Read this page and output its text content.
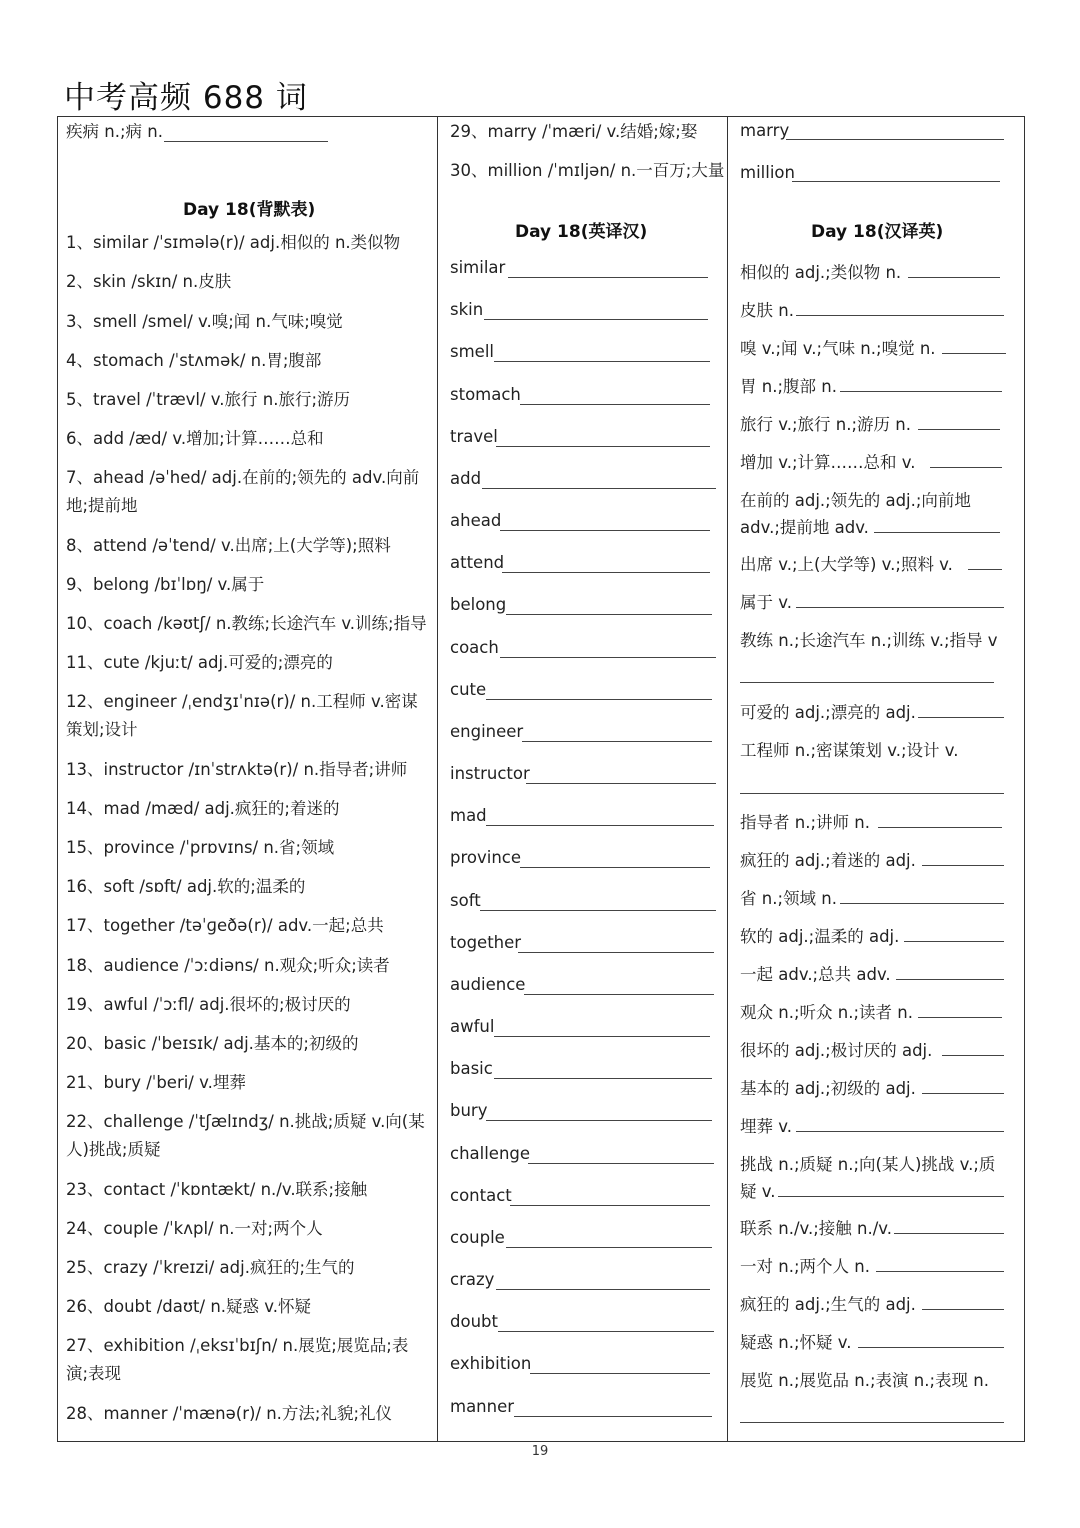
中考高频 688 词
疾病 n.;病 n.
Day 18(背默表)
1、similar /ˈsɪmələ(r)/ adj.相似的 n.类似物
2、skin /skɪn/ n.皮肤
3、smell /smel/ v.嗅;闻 n.气味;嗅觉
4、stomach /ˈstʌmək/ n.胃;腹部
5、travel /ˈtrævl/ v.旅行 n.旅行;游历
6、add /æd/ v.增加;计算……总和
7、ahead /əˈhed/ adj.在前的;领先的 adv.向前地;提前地
8、attend /əˈtend/ v.出席;上(大学等);照料
9、belong /bɪˈlɒŋ/ v.属于
10、coach /kəʊtʃ/ n.教练;长途汽车 v.训练;指导
11、cute /kjuːt/ adj.可爱的;漂亮的
12、engineer /ˌendʒɪˈnɪə(r)/ n.工程师 v.密谋策划;设计
13、instructor /ɪnˈstrʌktə(r)/ n.指导者;讲师
14、mad /mæd/ adj.疯狂的;着迷的
15、province /ˈprɒvɪns/ n.省;领域
16、soft /sɒft/ adj.软的;温柔的
17、together /təˈɡeðə(r)/ adv.一起;总共
18、audience /ˈɔːdiəns/ n.观众;听众;读者
19、awful /ˈɔːfl/ adj.很坏的;极讨厌的
20、basic /ˈbeɪsɪk/ adj.基本的;初级的
21、bury /ˈberi/ v.埋葬
22、challenge /ˈtʃælɪndʒ/ n.挑战;质疑 v.向(某人)挑战;质疑
23、contact /ˈkɒntækt/ n./v.联系;接触
24、couple /ˈkʌpl/ n.一对;两个人
25、crazy /ˈkreɪzi/ adj.疯狂的;生气的
26、doubt /daʊt/ n.疑惑 v.怀疑
27、exhibition /ˌeksɪˈbɪʃn/ n.展览;展览品;表演;表现
28、manner /ˈmænə(r)/ n.方法;礼貌;礼仪
29、marry /ˈmæri/ v.结婚;嫁;娶
30、million /ˈmɪljən/ n.一百万;大量
Day 18(英译汉)
similar
skin
smell
stomach
travel
add
ahead
attend
belong
coach
cute
engineer
instructor
mad
province
soft
together
audience
awful
basic
bury
challenge
contact
couple
crazy
doubt
exhibition
manner
marry
million
Day 18(汉译英)
相似的 adj.;类似物 n.
皮肤 n.
嗅 v.;闻 v.;气味 n.;嗅觉 n.
胃 n.;腹部 n.
旅行 v.;旅行 n.;游历 n.
增加 v.;计算……总和 v.
在前的 adj.;领先的 adj.;向前地
adv.;提前地 adv.
出席 v.;上(大学等) v.;照料 v.
属于 v.
教练 n.;长途汽车 n.;训练 v.;指导 v
可爱的 adj.;漂亮的 adj.
工程师 n.;密谋策划 v.;设计 v.
指导者 n.;讲师 n.
疯狂的 adj.;着迷的 adj.
省 n.;领域 n.
软的 adj.;温柔的 adj.
一起 adv.;总共 adv.
观众 n.;听众 n.;读者 n.
很坏的 adj.;极讨厌的 adj.
基本的 adj.;初级的 adj.
埋葬 v.
挑战 n.;质疑 n.;向(某人)挑战 v.;质
疑 v.
联系 n./v.;接触 n./v.
一对 n.;两个人 n.
疯狂的 adj.;生气的 adj.
疑惑 n.;怀疑 v.
展览 n.;展览品 n.;表演 n.;表现 n.
19
